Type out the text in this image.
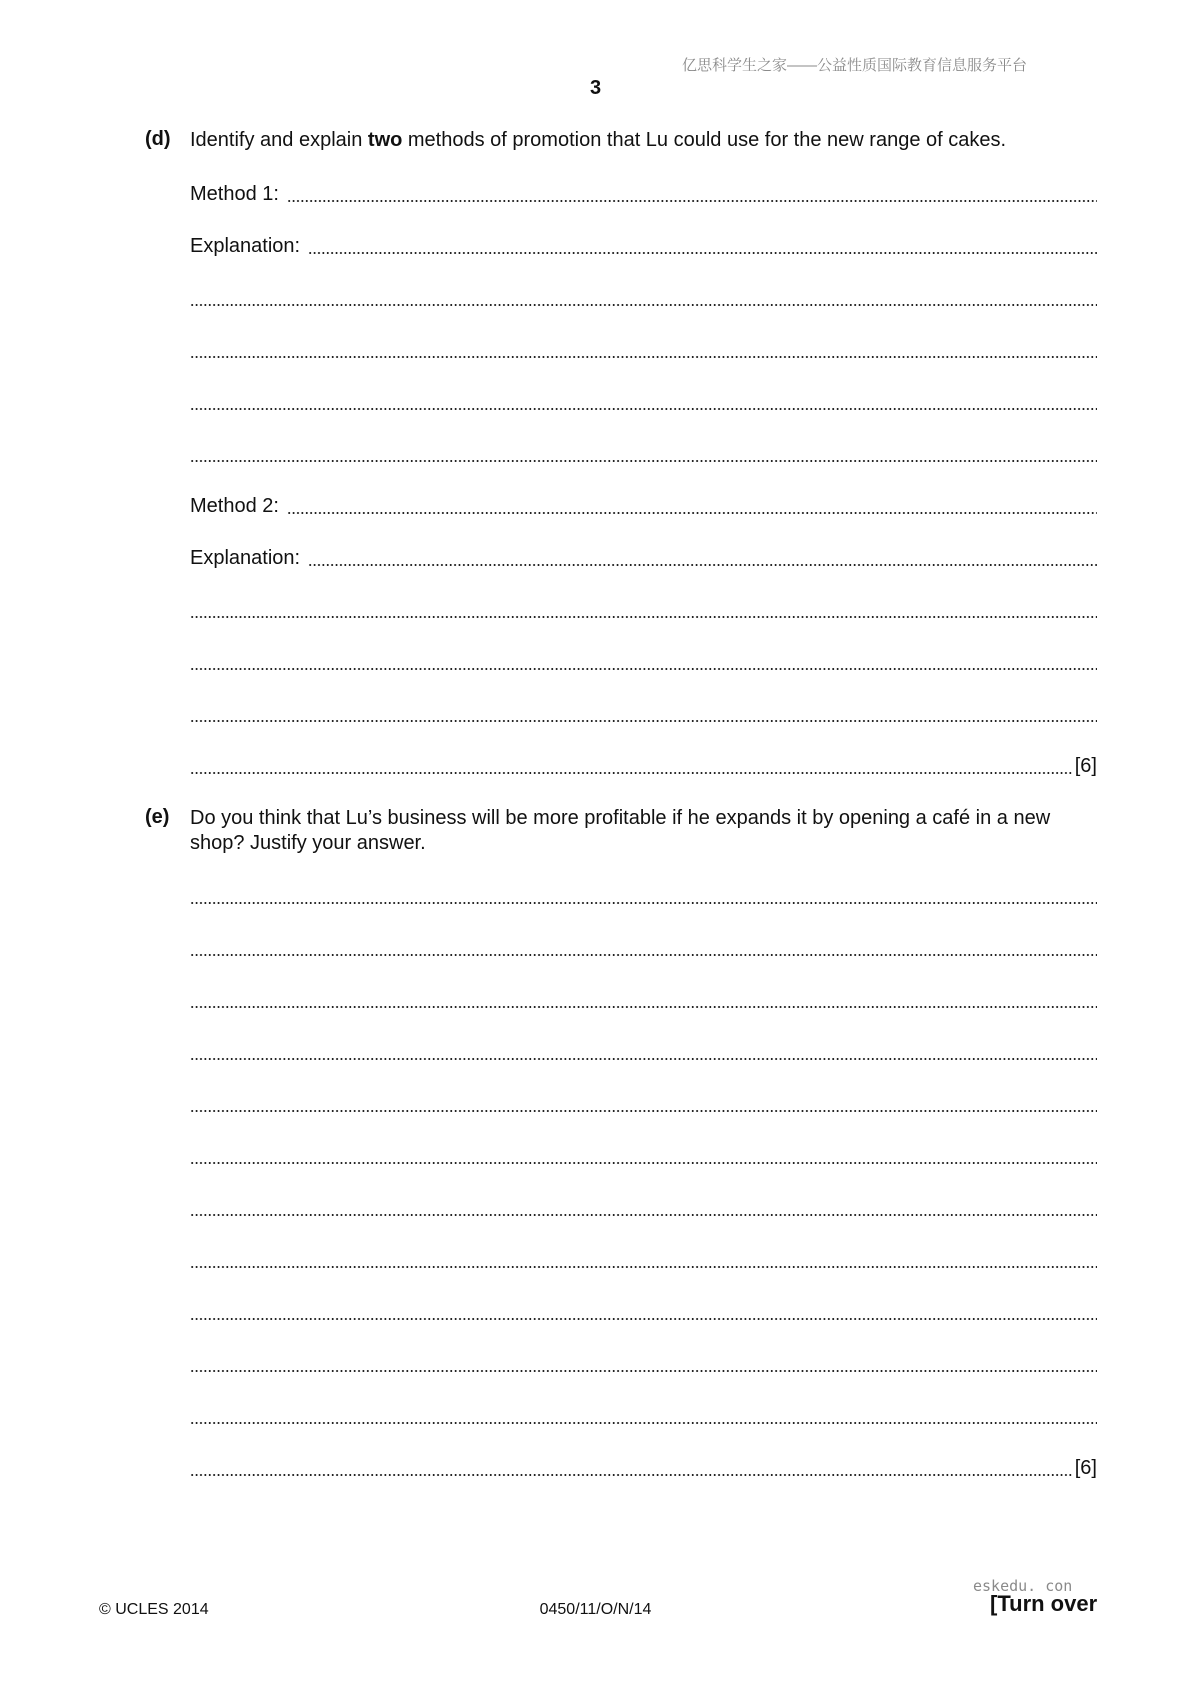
亿思科学生之家——公益性质国际教育信息服务平台
3
(d) Identify and explain two methods of promotion that Lu could use for the new range of cakes.
Method 1:
Explanation:
Method 2:
Explanation:
[6]
(e) Do you think that Lu’s business will be more profitable if he expands it by opening a café in a new shop? Justify your answer.
[6]
eskedu. con
© UCLES 2014	0450/11/O/N/14	[Turn over
